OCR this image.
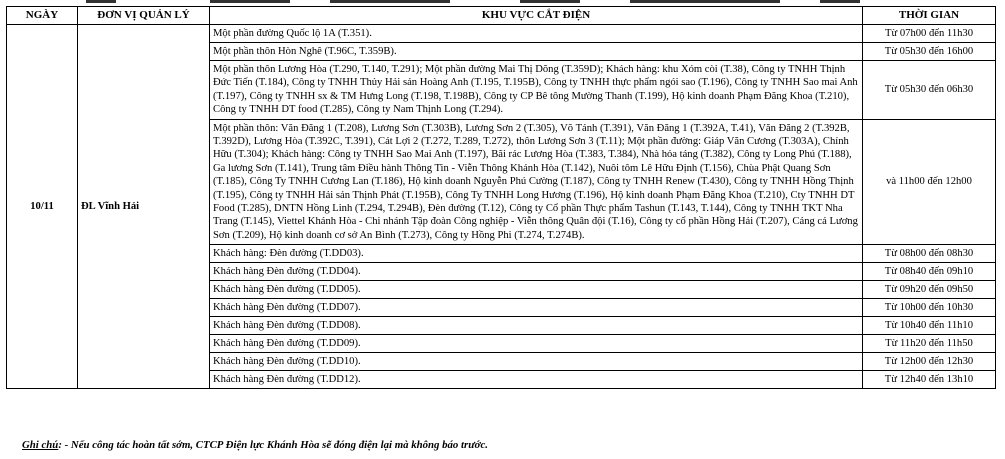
NGÀY	ĐƠN VỊ QUẢN LÝ	KHU VỰC CẮT ĐIỆN	THỜI GIAN
10/11	ĐL Vĩnh Hải	Một phần đường Quốc lộ 1A (T.351).	Từ 07h00 đến 11h30
		Một phần thôn Hòn Nghê (T.96C, T.359B).	Từ 05h30 đến 16h00
		Một phần thôn Lương Hòa (T.290, T.140, T.291); Một phần đường Mai Thị Dõng (T.359D); Khách hàng: khu Xóm còi (T.38), Công ty TNHH Thịnh Đức Tiến (T.184), Công ty TNHH Thủy Hải sản Hoàng Anh (T.195, T.195B), Công ty TNHH thực phẩm ngói sao (T.196), Công ty TNHH Sao mai Anh (T.197), Công ty TNHH sx & TM Hưng Long (T.198, T.198B), Công ty CP Bê tông Mường Thanh (T.199), Hộ kinh doanh Phạm Đăng Khoa (T.210), Công ty TNHH DT food (T.285), Công ty Nam Thịnh Long (T.294).	Từ 05h30 đến 06h30
		Một phần thôn: Văn Đăng 1 (T.208), Lương Sơn (T.303B), Lương Sơn 2 (T.305), Võ Tánh (T.391), Văn Đăng 1 (T.392A, T.41), Văn Đăng 2 (T.392B, T.392D), Lương Hòa (T.392C, T.391), Cát Lợi 2 (T.272, T.289, T.272), thôn Lương Sơn 3 (T.11); Một phần đường: Giáp Văn Cương (T.303A), Chính Hữu (T.304); Khách hàng: Công ty TNHH Sao Mai Anh (T.197), Bãi rác Lương Hòa (T.383, T.384), Nhà hỏa táng (T.382), Công ty Long Phú (T.188), Ga lương Sơn (T.141), Trung tâm Điều hành Thông Tin - Viễn Thông Khánh Hòa (T.142), Nuôi tôm Lê Hữu Định (T.156), Chùa Phật Quang Sơn (T.185), Công Ty TNHH Cương Lan (T.186), Hộ kinh doanh Nguyễn Phú Cường (T.187), Công ty TNHH Renew (T.430), Công ty TNHH Hồng Thịnh (T.195), Công ty TNHH Hải sản Thịnh Phát (T.195B), Công Ty TNHH Long Hương (T.196), Hộ kinh doanh Phạm Đăng Khoa (T.210), Cty TNHH DT Food (T.285), DNTN Hồng Linh (T.294, T.294B), Đèn đường (T.12), Công ty Cổ phần Thực phẩm Tashun (T.143, T.144), Công ty TNHH TKT Nha Trang (T.145), Viettel Khánh Hòa - Chi nhánh Tập đoàn Công nghiệp - Viễn thông Quân đội (T.16), Công ty cổ phần Hồng Hải (T.207), Cảng cá Lương Sơn (T.209), Hộ kinh doanh cơ sở An Bình (T.273), Công ty Hồng Phi (T.274, T.274B).	và 11h00 đến 12h00
		Khách hàng: Đèn đường (T.DD03).	Từ 08h00 đến 08h30
		Khách hàng Đèn đường (T.DD04).	Từ 08h40 đến 09h10
		Khách hàng Đèn đường (T.DD05).	Từ 09h20 đến 09h50
		Khách hàng Đèn đường (T.DD07).	Từ 10h00 đến 10h30
		Khách hàng Đèn đường (T.DD08).	Từ 10h40 đến 11h10
		Khách hàng Đèn đường (T.DD09).	Từ 11h20 đến 11h50
		Khách hàng Đèn đường (T.DD10).	Từ 12h00 đến 12h30
		Khách hàng Đèn đường (T.DD12).	Từ 12h40 đến 13h10
Ghi chú: - Nếu công tác hoàn tất sớm, CTCP Điện lực Khánh Hòa sẽ đóng điện lại mà không báo trước.
